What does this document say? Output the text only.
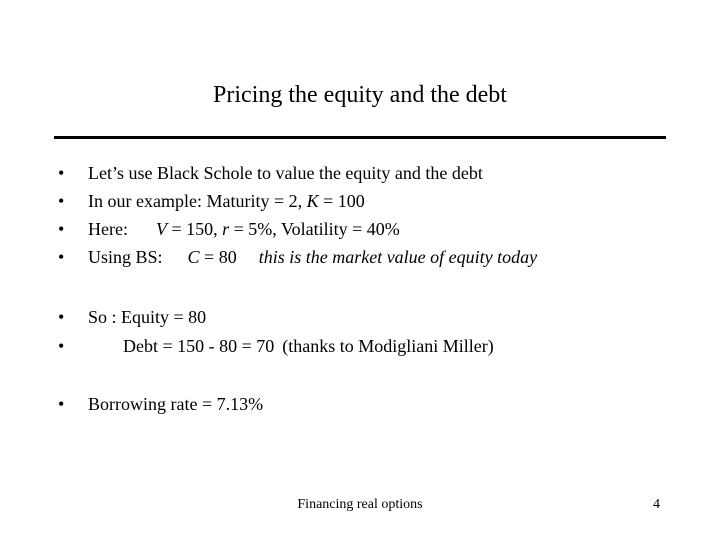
Pricing the equity and the debt
• Let’s use Black Schole to value the equity and the debt
• In our example: Maturity = 2, K = 100
• Here: V = 150, r = 5%, Volatility = 40%
• Using BS: C = 80 this is the market value of equity today
• So : Equity = 80
•	Debt = 150 - 80 = 70 (thanks to Modigliani Miller)
• Borrowing rate = 7.13%
Financing real options	4
